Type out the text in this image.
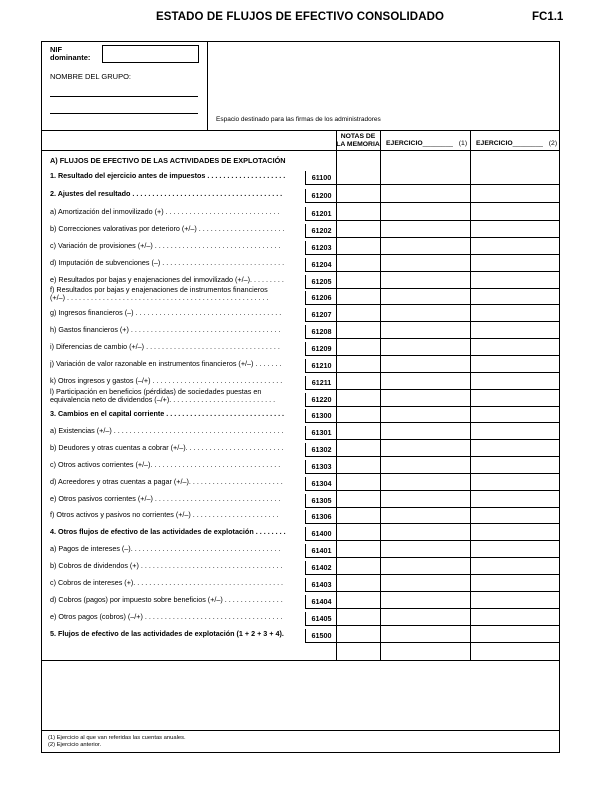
ESTADO DE FLUJOS DE EFECTIVO CONSOLIDADO	FC1.1
NIF
dominante:
NOMBRE DEL GRUPO:
Espacio destinado para las firmas de los administradores
NOTAS DE
LA MEMORIA EJERCICIO________ (1) EJERCICIO________ (2)
A) FLUJOS DE EFECTIVO DE LAS ACTIVIDADES DE EXPLOTACIÓN
1. Resultado del ejercicio antes de impuestos . . . . . . . . . . . . . . . . . . . .	61100
2. Ajustes del resultado . . . . . . . . . . . . . . . . . . . . . . . . . . . . . . . . . . . . . .	61200
a) Amortización del inmovilizado (+) . . . . . . . . . . . . . . . . . . . . . . . . . . . . .	61201
b) Correcciones valorativas por deterioro (+/–) . . . . . . . . . . . . . . . . . . . . . .	61202
c) Variación de provisiones (+/–) . . . . . . . . . . . . . . . . . . . . . . . . . . . . . . . .	61203
d) Imputación de subvenciones (–) . . . . . . . . . . . . . . . . . . . . . . . . . . . . . . .	61204
e) Resultados por bajas y enajenaciones del inmovilizado (+/–). . . . . . . . .	61205
f) Resultados por bajas y enajenaciones de instrumentos financieros
(+/–) . . . . . . . . . . . . . . . . . . . . . . . . . . . . . . . . . . . . . . . . . . . . . . . . . . .	61206
g) Ingresos financieros (–) . . . . . . . . . . . . . . . . . . . . . . . . . . . . . . . . . . . . .	61207
h) Gastos financieros (+) . . . . . . . . . . . . . . . . . . . . . . . . . . . . . . . . . . . . . .	61208
i) Diferencias de cambio (+/–) . . . . . . . . . . . . . . . . . . . . . . . . . . . . . . . . . .	61209
j) Variación de valor razonable en instrumentos financieros (+/–) . . . . . . .	61210
k) Otros ingresos y gastos (–/+) . . . . . . . . . . . . . . . . . . . . . . . . . . . . . . . . .	61211
l) Participación en beneficios (pérdidas) de sociedades puestas en
equivalencia neto de dividendos (–/+). . . . . . . . . . . . . . . . . . . . . . . . . . .	61220
3. Cambios en el capital corriente . . . . . . . . . . . . . . . . . . . . . . . . . . . . . .	61300
a) Existencias (+/–) . . . . . . . . . . . . . . . . . . . . . . . . . . . . . . . . . . . . . . . . . . .	61301
b) Deudores y otras cuentas a cobrar (+/–). . . . . . . . . . . . . . . . . . . . . . . . .	61302
c) Otros activos corrientes (+/–). . . . . . . . . . . . . . . . . . . . . . . . . . . . . . . . .	61303
d) Acreedores y otras cuentas a pagar (+/–). . . . . . . . . . . . . . . . . . . . . . . .	61304
e) Otros pasivos corrientes (+/–) . . . . . . . . . . . . . . . . . . . . . . . . . . . . . . . .	61305
f) Otros activos y pasivos no corrientes (+/–) . . . . . . . . . . . . . . . . . . . . . .	61306
4. Otros flujos de efectivo de las actividades de explotación . . . . . . . .	61400
a) Pagos de intereses (–). . . . . . . . . . . . . . . . . . . . . . . . . . . . . . . . . . . . . .	61401
b) Cobros de dividendos (+) . . . . . . . . . . . . . . . . . . . . . . . . . . . . . . . . . . . .	61402
c) Cobros de intereses (+). . . . . . . . . . . . . . . . . . . . . . . . . . . . . . . . . . . . . .	61403
d) Cobros (pagos) por impuesto sobre beneficios (+/–) . . . . . . . . . . . . . . .	61404
e) Otros pagos (cobros) (–/+) . . . . . . . . . . . . . . . . . . . . . . . . . . . . . . . . . . .	61405
5. Flujos de efectivo de las actividades de explotación (1 + 2 + 3 + 4).	61500
(1) Ejercicio al que van referidas las cuentas anuales.
(2) Ejercicio anterior.
